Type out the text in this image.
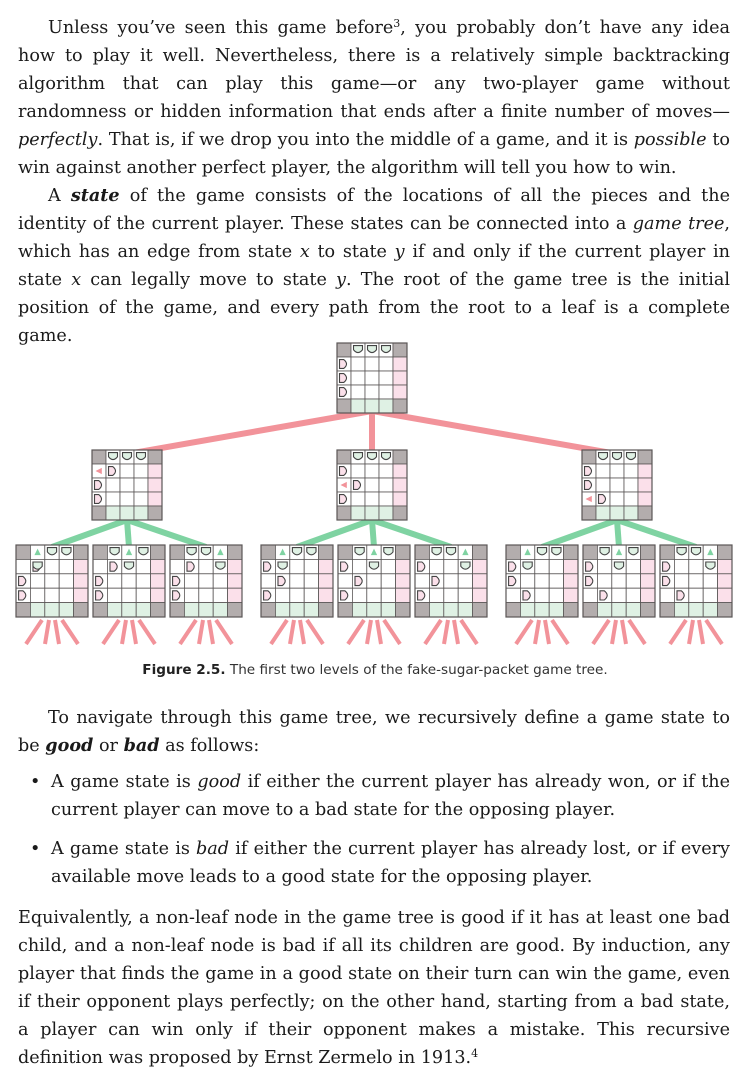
Unless you’ve seen this game before$^3$, you probably don’t have any idea how to play it well. Nevertheless, there is a relatively simple backtracking algorithm that can play this game—or any two-player game without randomness or hidden information that ends after a finite number of moves—perfectly. That is, if we drop you into the middle of a game, and it is possible to win against another perfect player, the algorithm will tell you how to win.

A state of the game consists of the locations of all the pieces and the identity of the current player. These states can be connected into a game tree, which has an edge from state x to state y if and only if the current player in state x can legally move to state y. The root of the game tree is the initial position of the game, and every path from the root to a leaf is a complete game.

Figure 2.5. The first two levels of the fake-sugar-packet game tree.

To navigate through this game tree, we recursively define a game state to be good or bad as follows:

• A game state is good if either the current player has already won, or if the current player can move to a bad state for the opposing player.
• A game state is bad if either the current player has already lost, or if every available move leads to a good state for the opposing player.

Equivalently, a non-leaf node in the game tree is good if it has at least one bad child, and a non-leaf node is bad if all its children are good. By induction, any player that finds the game in a good state on their turn can win the game, even if their opponent plays perfectly; on the other hand, starting from a bad state, a player can win only if their opponent makes a mistake. This recursive definition was proposed by Ernst Zermelo in 1913.$^4$
